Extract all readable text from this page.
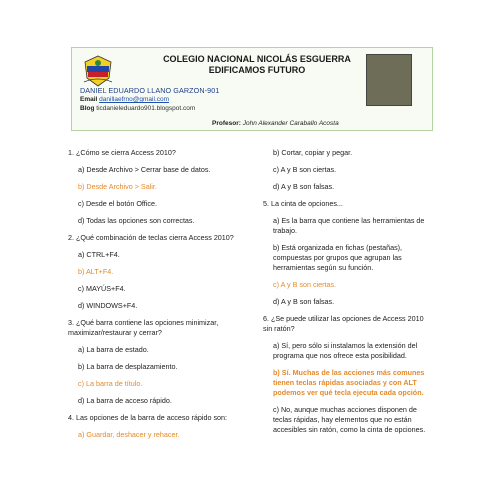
COLEGIO NACIONAL NICOLÁS ESGUERRA
EDIFICAMOS FUTURO
DANIEL EDUARDO LLANO GARZON-901
Email danillaefrno@gmail.com
Blog ticdanieleduardo901.blogspot.com
Profesor: John Alexander Caraballo Acosta

1. ¿Cómo se cierra Access 2010?

a) Desde Archivo > Cerrar base de datos.

b) Desde Archivo > Salir.

c) Desde el botón Office.

d) Todas las opciones son correctas.

2. ¿Qué combinación de teclas cierra Access 2010?

a) CTRL+F4.

b) ALT+F4.

c) MAYÚS+F4.

d) WINDOWS+F4.

3. ¿Qué barra contiene las opciones minimizar, maximizar/restaurar y cerrar?

a) La barra de estado.

b) La barra de desplazamiento.

c) La barra de título.

d) La barra de acceso rápido.

4. Las opciones de la barra de acceso rápido son:

a) Guardar, deshacer y rehacer.

b) Cortar, copiar y pegar.

c) A y B son ciertas.

d) A y B son falsas.

5. La cinta de opciones...

a) Es la barra que contiene las herramientas de trabajo.

b) Está organizada en fichas (pestañas), compuestas por grupos que agrupan las herramientas según su función.

c) A y B son ciertas.

d) A y B son falsas.

6. ¿Se puede utilizar las opciones de Access 2010 sin ratón?

a) Sí, pero sólo si instalamos la extensión del programa que nos ofrece esta posibilidad.

b) Sí. Muchas de las acciones más comunes tienen teclas rápidas asociadas y con ALT podemos ver qué tecla ejecuta cada opción.

c) No, aunque muchas acciones disponen de teclas rápidas, hay elementos que no están accesibles sin ratón, como la cinta de opciones.
